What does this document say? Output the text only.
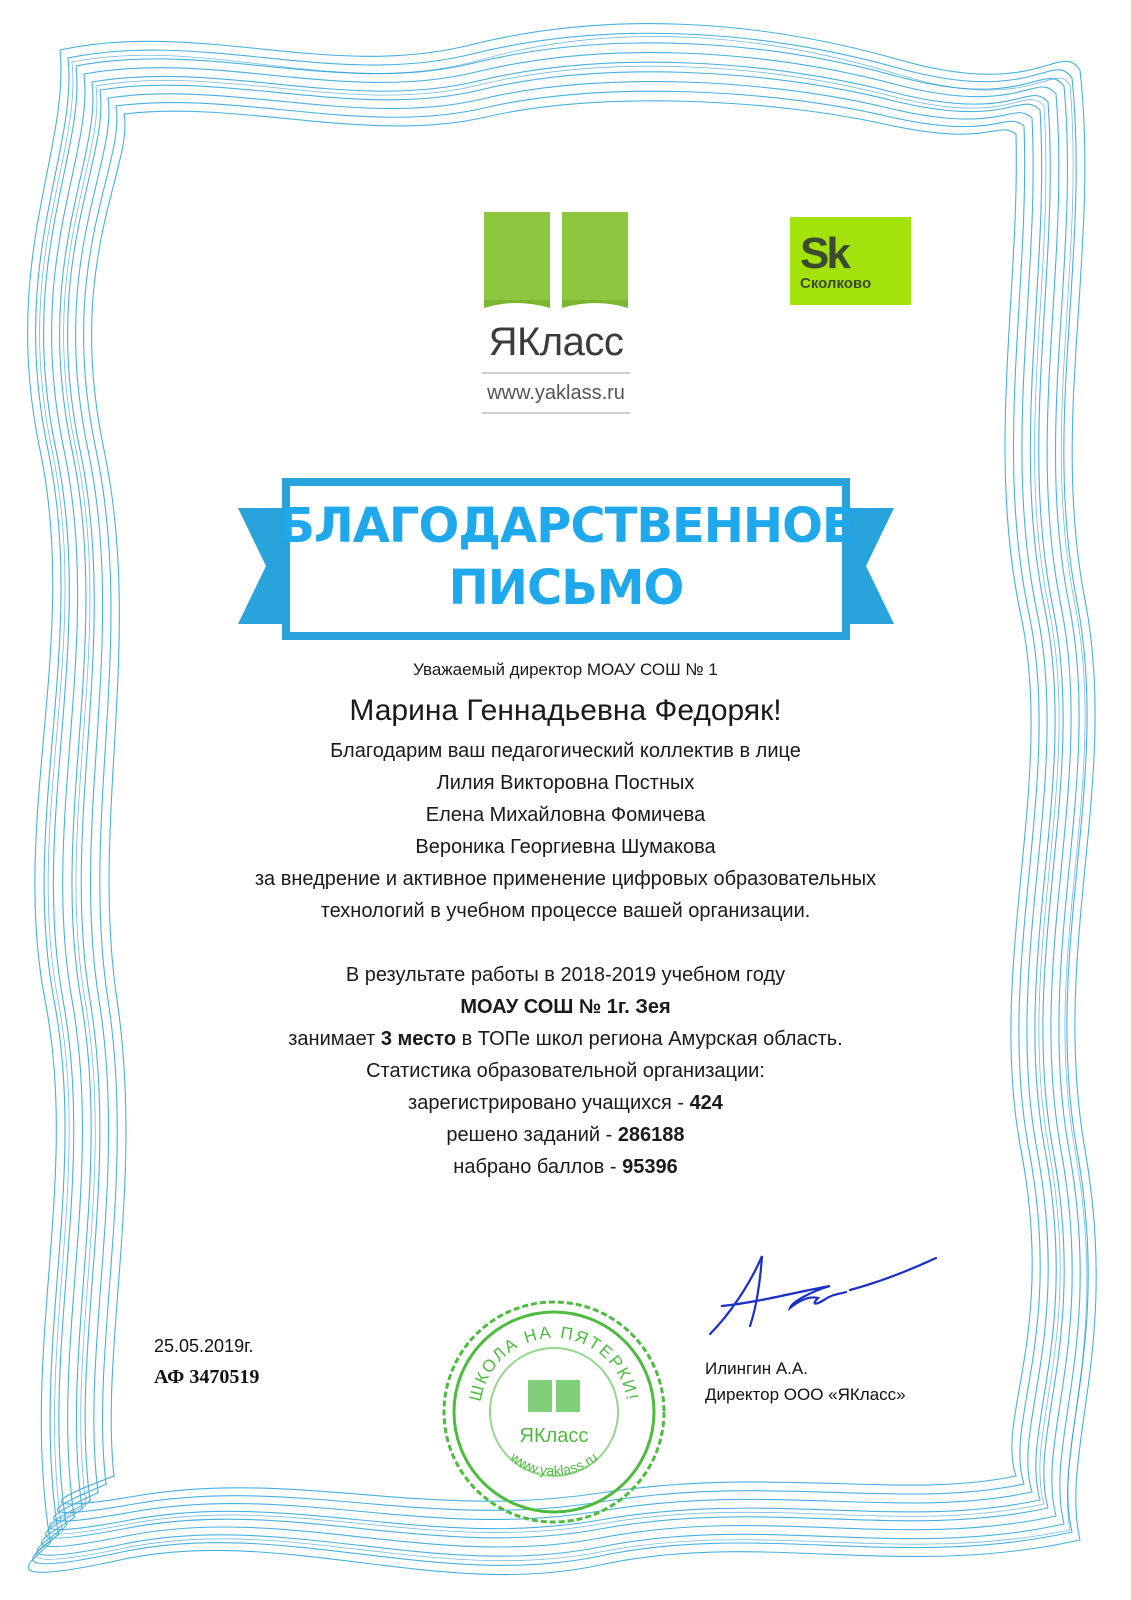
ЯКласс
www.yaklass.ru
Sk
Сколково
БЛАГОДАРСТВЕННОЕ
ПИСЬМО
Уважаемый директор МОАУ СОШ № 1
Марина Геннадьевна Федоряк!
Благодарим ваш педагогический коллектив в лице
Лилия Викторовна Постных
Елена Михайловна Фомичева
Вероника Георгиевна Шумакова
за внедрение и активное применение цифровых образовательных
технологий в учебном процессе вашей организации.
В результате работы в 2018-2019 учебном году
МОАУ СОШ № 1г. Зея
занимает 3 место в ТОПе школ региона Амурская область.
Статистика образовательной организации:
зарегистрировано учащихся - 424
решено заданий - 286188
набрано баллов - 95396
25.05.2019г.
АФ 3470519
ШКОЛА НА ПЯТЕРКИ!
www.yaklass.ru
ЯКласс
Илингин А.А.
Директор ООО «ЯКласс»
